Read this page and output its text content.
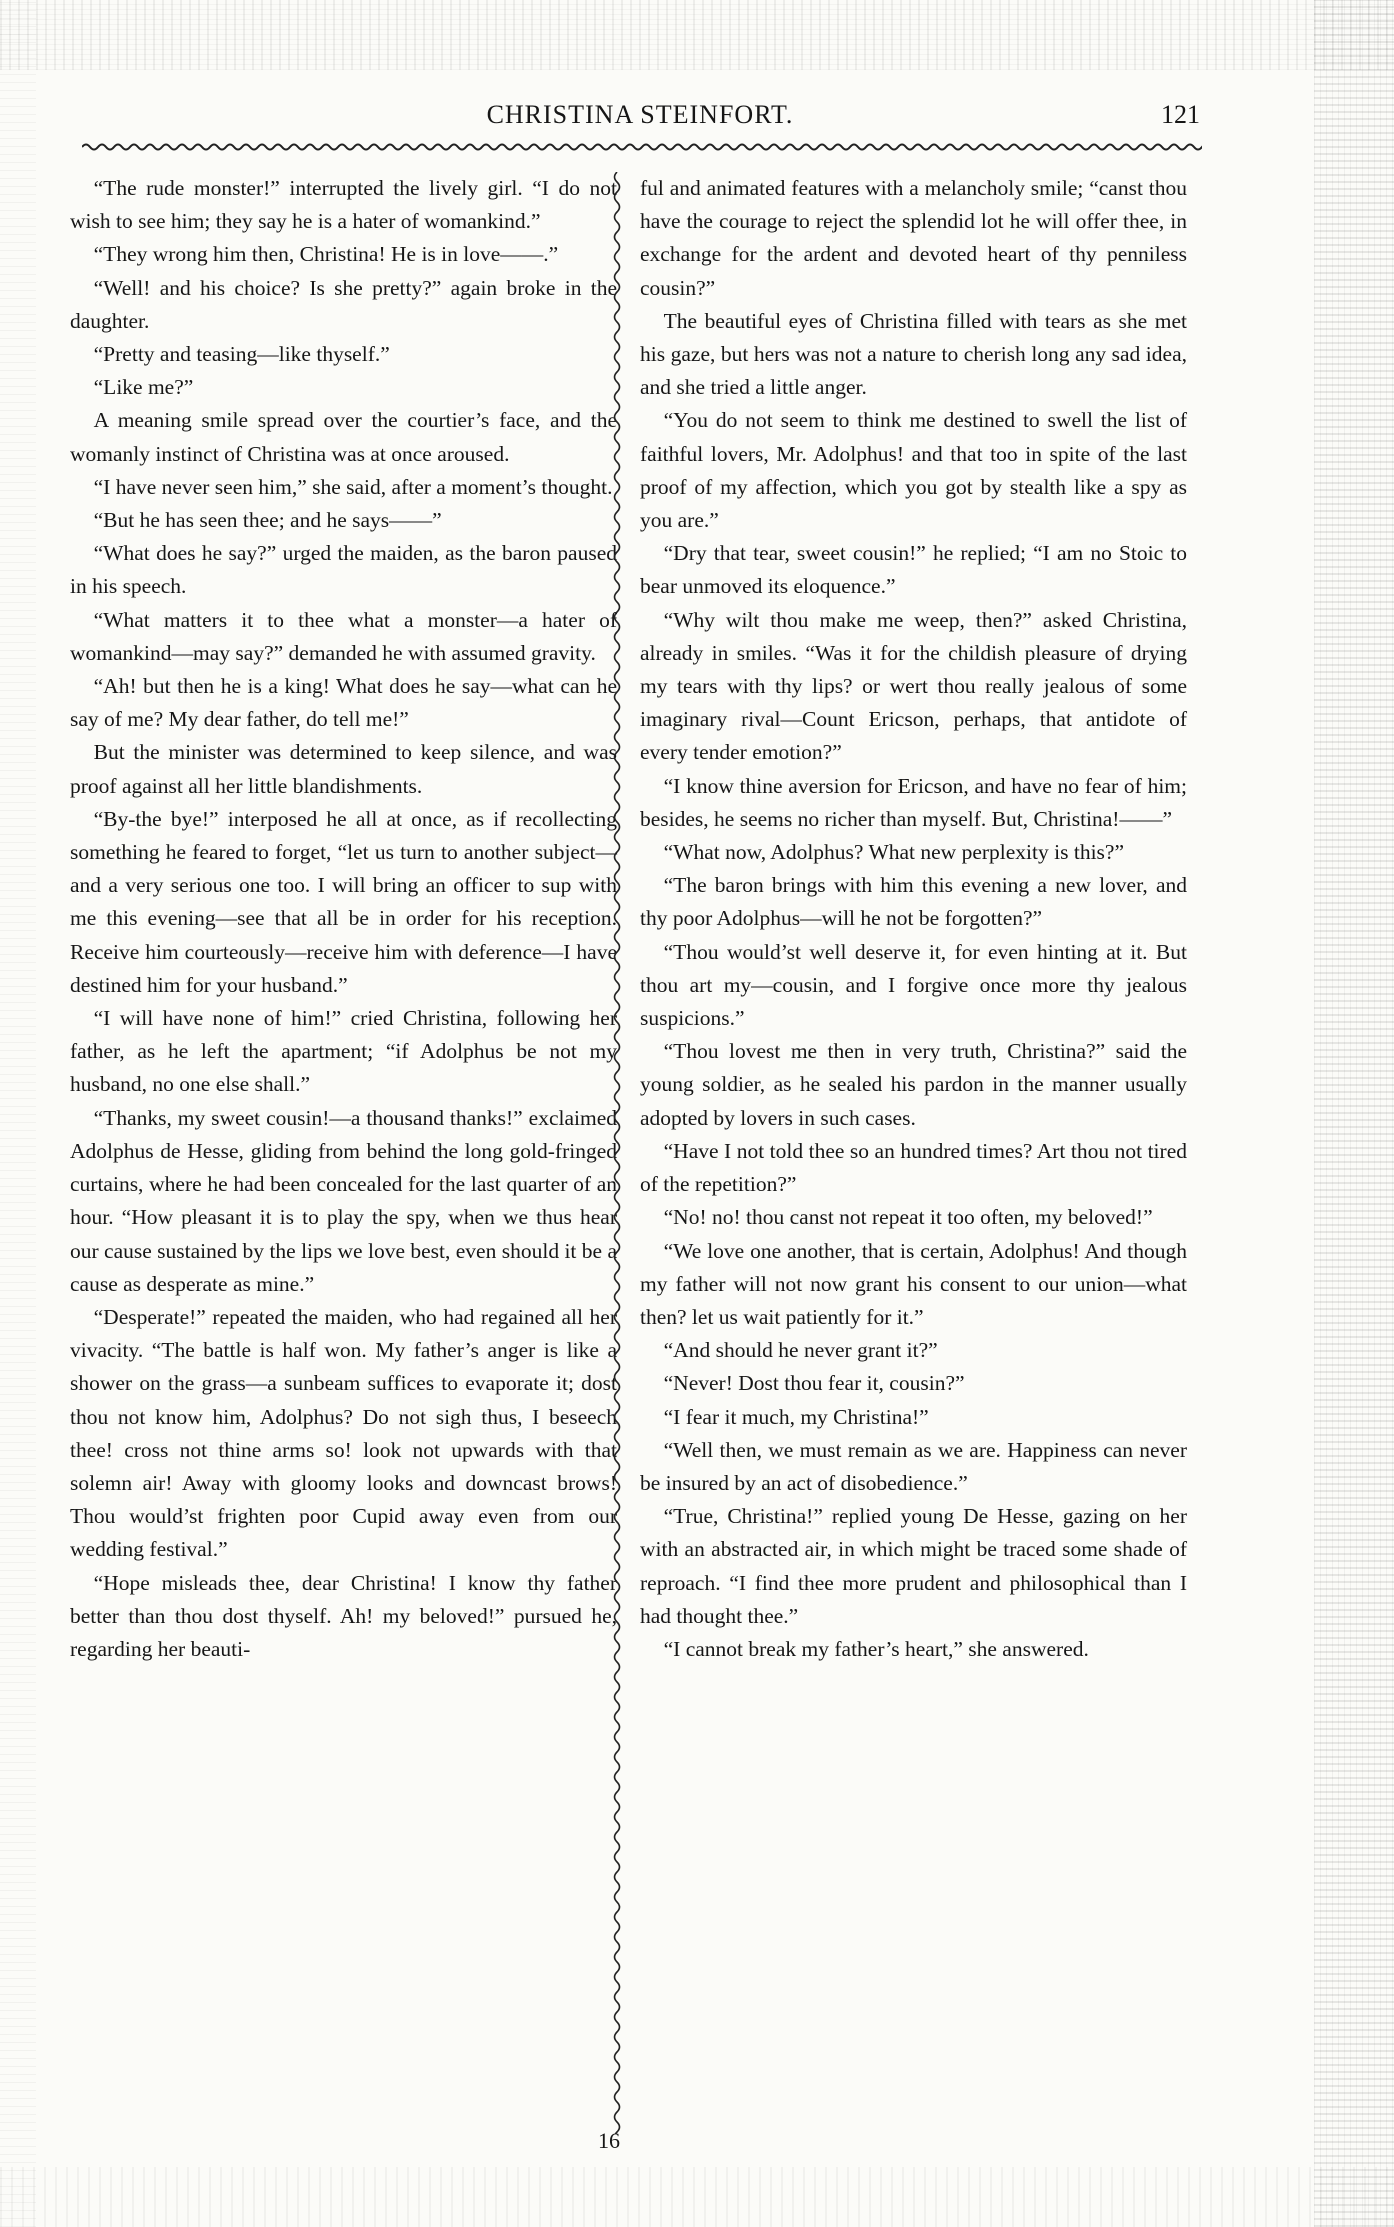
CHRISTINA STEINFORT.	121

“The rude monster!” interrupted the lively girl. “I do not wish to see him; they say he is a hater of womankind.”

“They wrong him then, Christina! He is in love——.”

“Well! and his choice? Is she pretty?” again broke in the daughter.

“Pretty and teasing—like thyself.”

“Like me?”

A meaning smile spread over the courtier’s face, and the womanly instinct of Christina was at once aroused.

“I have never seen him,” she said, after a moment’s thought.

“But he has seen thee; and he says——”

“What does he say?” urged the maiden, as the baron paused in his speech.

“What matters it to thee what a monster—a hater of womankind—may say?” demanded he with assumed gravity.

“Ah! but then he is a king! What does he say—what can he say of me? My dear father, do tell me!”

But the minister was determined to keep silence, and was proof against all her little blandishments.

“By-the bye!” interposed he all at once, as if recollecting something he feared to forget, “let us turn to another subject—and a very serious one too. I will bring an officer to sup with me this evening—see that all be in order for his reception. Receive him courteously—receive him with deference—I have destined him for your husband.”

“I will have none of him!” cried Christina, following her father, as he left the apartment; “if Adolphus be not my husband, no one else shall.”

“Thanks, my sweet cousin!—a thousand thanks!” exclaimed Adolphus de Hesse, gliding from behind the long gold-fringed curtains, where he had been concealed for the last quarter of an hour. “How pleasant it is to play the spy, when we thus hear our cause sustained by the lips we love best, even should it be a cause as desperate as mine.”

“Desperate!” repeated the maiden, who had regained all her vivacity. “The battle is half won. My father’s anger is like a shower on the grass—a sunbeam suffices to evaporate it; dost thou not know him, Adolphus? Do not sigh thus, I beseech thee! cross not thine arms so! look not upwards with that solemn air! Away with gloomy looks and downcast brows! Thou would’st frighten poor Cupid away even from our wedding festival.”

“Hope misleads thee, dear Christina! I know thy father better than thou dost thyself. Ah! my beloved!” pursued he, regarding her beauti-

ful and animated features with a melancholy smile; “canst thou have the courage to reject the splendid lot he will offer thee, in exchange for the ardent and devoted heart of thy penniless cousin?”

The beautiful eyes of Christina filled with tears as she met his gaze, but hers was not a nature to cherish long any sad idea, and she tried a little anger.

“You do not seem to think me destined to swell the list of faithful lovers, Mr. Adolphus! and that too in spite of the last proof of my affection, which you got by stealth like a spy as you are.”

“Dry that tear, sweet cousin!” he replied; “I am no Stoic to bear unmoved its eloquence.”

“Why wilt thou make me weep, then?” asked Christina, already in smiles. “Was it for the childish pleasure of drying my tears with thy lips? or wert thou really jealous of some imaginary rival—Count Ericson, perhaps, that antidote of every tender emotion?”

“I know thine aversion for Ericson, and have no fear of him; besides, he seems no richer than myself. But, Christina!——”

“What now, Adolphus? What new perplexity is this?”

“The baron brings with him this evening a new lover, and thy poor Adolphus—will he not be forgotten?”

“Thou would’st well deserve it, for even hinting at it. But thou art my—cousin, and I forgive once more thy jealous suspicions.”

“Thou lovest me then in very truth, Christina?” said the young soldier, as he sealed his pardon in the manner usually adopted by lovers in such cases.

“Have I not told thee so an hundred times? Art thou not tired of the repetition?”

“No! no! thou canst not repeat it too often, my beloved!”

“We love one another, that is certain, Adolphus! And though my father will not now grant his consent to our union—what then? let us wait patiently for it.”

“And should he never grant it?”

“Never! Dost thou fear it, cousin?”

“I fear it much, my Christina!”

“Well then, we must remain as we are. Happiness can never be insured by an act of disobedience.”

“True, Christina!” replied young De Hesse, gazing on her with an abstracted air, in which might be traced some shade of reproach. “I find thee more prudent and philosophical than I had thought thee.”

“I cannot break my father’s heart,” she answered.

16
